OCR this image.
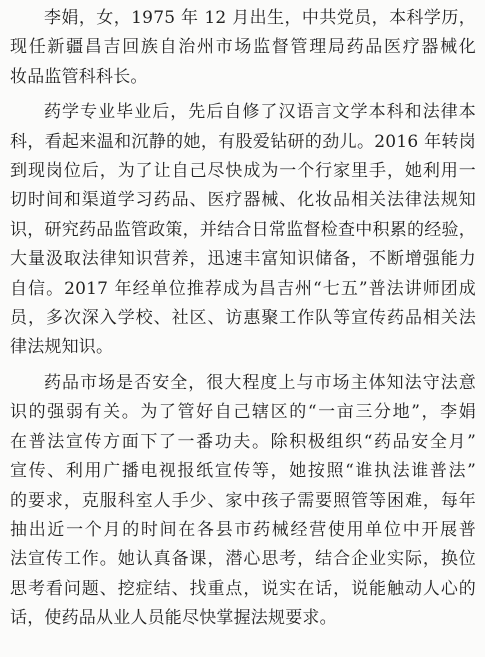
李娟，女，1975 年 12 月出生，中共党员，本科学历，
现任新疆昌吉回族自治州市场监督管理局药品医疗器械化
妆品监管科科长。
药学专业毕业后，先后自修了汉语言文学本科和法律本
科，看起来温和沉静的她，有股爱钻研的劲儿。2016 年转岗
到现岗位后，为了让自己尽快成为一个行家里手，她利用一
切时间和渠道学习药品、医疗器械、化妆品相关法律法规知
识，研究药品监管政策，并结合日常监督检查中积累的经验，
大量汲取法律知识营养，迅速丰富知识储备，不断增强能力
自信。2017 年经单位推荐成为昌吉州“七五”普法讲师团成
员，多次深入学校、社区、访惠聚工作队等宣传药品相关法
律法规知识。
药品市场是否安全，很大程度上与市场主体知法守法意
识的强弱有关。为了管好自己辖区的“一亩三分地”，李娟
在普法宣传方面下了一番功夫。除积极组织“药品安全月”
宣传、利用广播电视报纸宣传等，她按照“谁执法谁普法”
的要求，克服科室人手少、家中孩子需要照管等困难，每年
抽出近一个月的时间在各县市药械经营使用单位中开展普
法宣传工作。她认真备课，潜心思考，结合企业实际，换位
思考看问题、挖症结、找重点，说实在话，说能触动人心的
话，使药品从业人员能尽快掌握法规要求。
